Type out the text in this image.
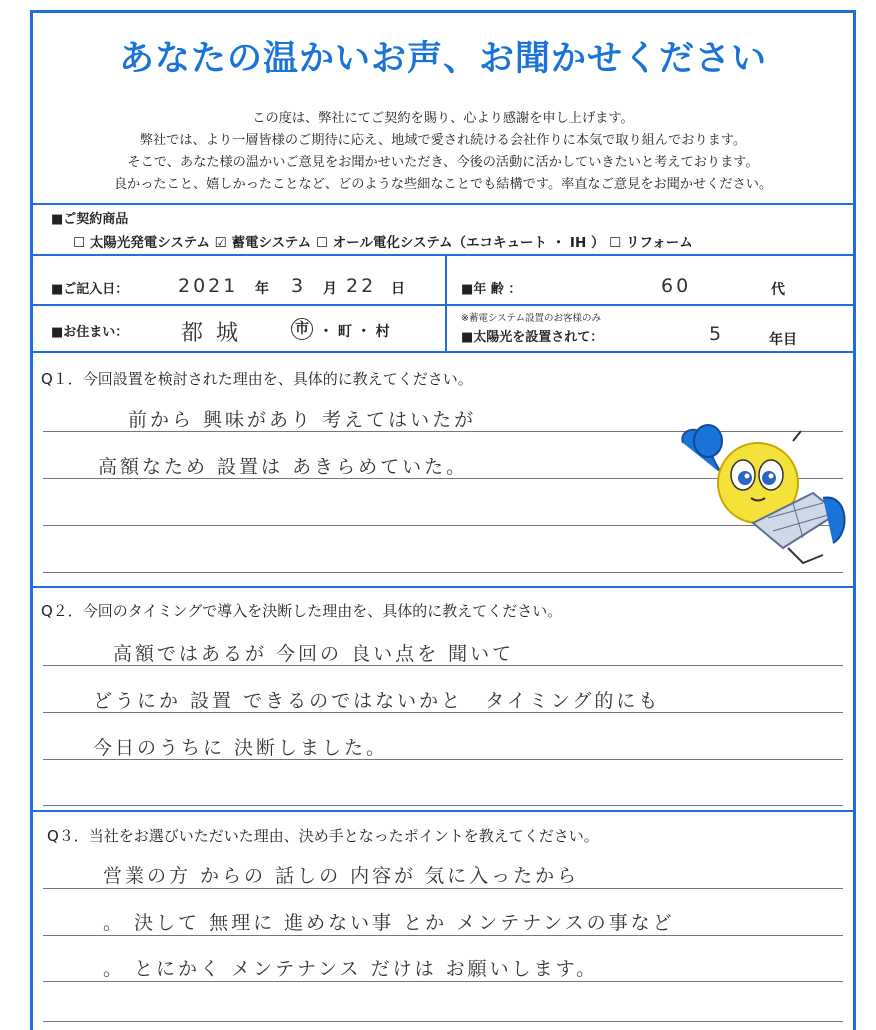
あなたの温かいお声、お聞かせください
この度は、弊社にてご契約を賜り、心より感謝を申し上げます。
弊社では、より一層皆様のご期待に応え、地域で愛され続ける会社作りに本気で取り組んでおります。
そこで、あなた様の温かいご意見をお聞かせいただき、今後の活動に活かしていきたいと考えております。
良かったこと、嬉しかったことなど、どのような些細なことでも結構です。率直なご意見をお聞かせください。
■ご契約商品
☐ 太陽光発電システム ☑ 蓄電システム ☐ オール電化システム（エコキュート ・ IH ） ☐ リフォーム
■ご記入日：	2021 年 3 月 22 日	■年 齢 ：	60	代
■お住まい： 都 城	市 ・ 町 ・ 村
※蓄電システム設置のお客様のみ
■太陽光を設置されて：	5	年目
Q１．今回設置を検討された理由を、具体的に教えてください。
前から 興味があり 考えてはいたが
高額なため 設置は あきらめていた。
Q２．今回のタイミングで導入を決断した理由を、具体的に教えてください。
高額ではあるが 今回の 良い点を 聞いて
どうにか 設置 できるのではないかと　タイミング的にも
今日のうちに 決断しました。
Q３．当社をお選びいただいた理由、決め手となったポイントを教えてください。
営業の方 からの 話しの 内容が 気に入ったから
。 決して 無理に 進めない事 とか メンテナンスの事など
。 とにかく メンテナンス だけは お願いします。
